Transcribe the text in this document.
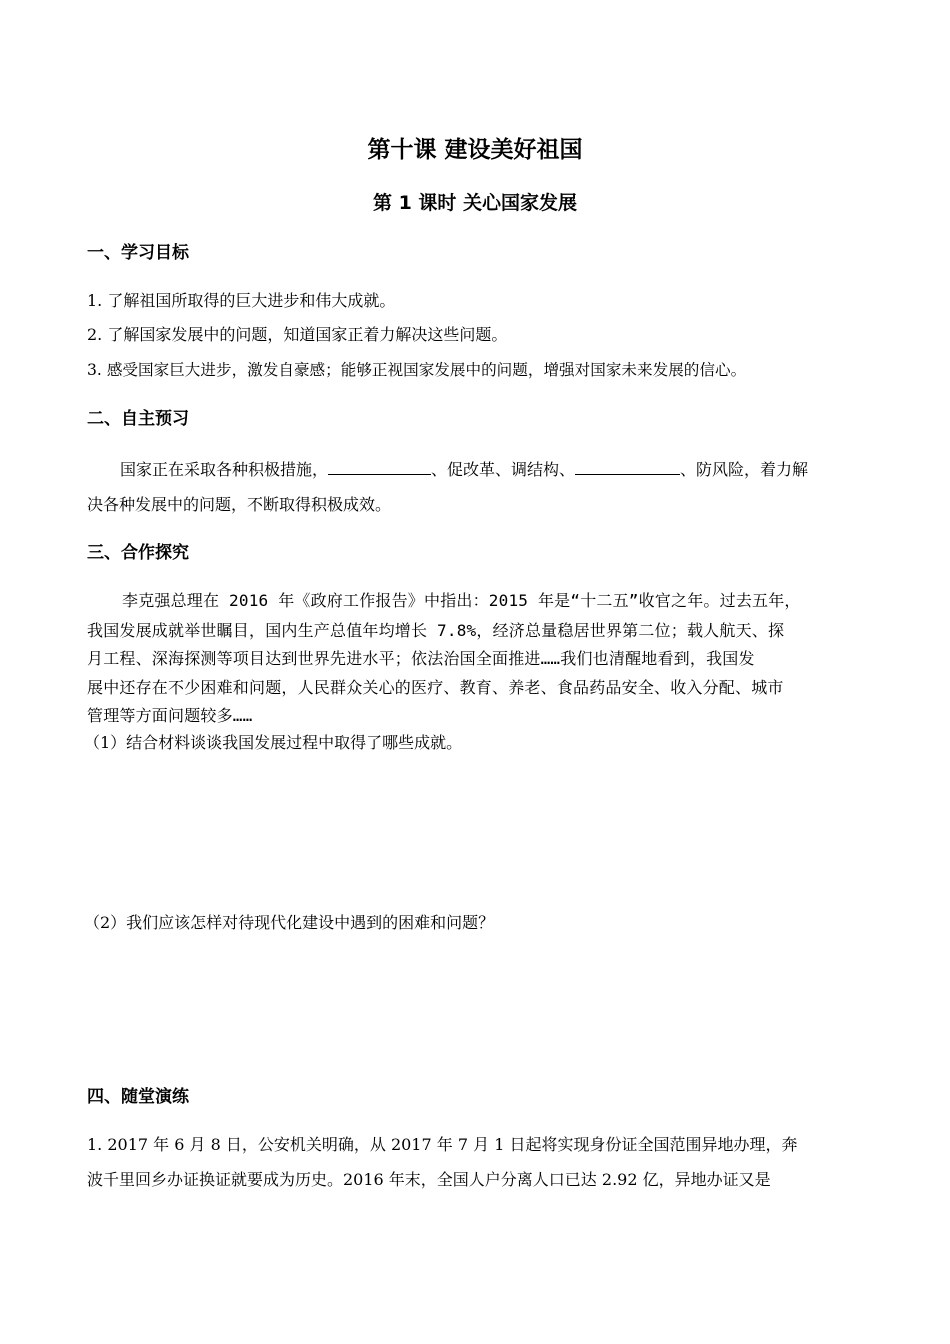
第十课 建设美好祖国
第 1 课时 关心国家发展
一、学习目标
1. 了解祖国所取得的巨大进步和伟大成就。
2. 了解国家发展中的问题，知道国家正着力解决这些问题。
3. 感受国家巨大进步，激发自豪感；能够正视国家发展中的问题，增强对国家未来发展的信心。
二、自主预习
国家正在采取各种积极措施，	、促改革、调结构、	、防风险，着力解
决各种发展中的问题，不断取得积极成效。
三、合作探究
李克强总理在 2016 年《政府工作报告》中指出：2015 年是“十二五”收官之年。过去五年，
我国发展成就举世瞩目，国内生产总值年均增长 7.8%，经济总量稳居世界第二位；载人航天、探
月工程、深海探测等项目达到世界先进水平；依法治国全面推进……我们也清醒地看到，我国发
展中还存在不少困难和问题，人民群众关心的医疗、教育、养老、食品药品安全、收入分配、城市
管理等方面问题较多……
（1）结合材料谈谈我国发展过程中取得了哪些成就。
（2）我们应该怎样对待现代化建设中遇到的困难和问题？
四、随堂演练
1. 2017 年 6 月 8 日，公安机关明确，从 2017 年 7 月 1 日起将实现身份证全国范围异地办理，奔
波千里回乡办证换证就要成为历史。2016 年末，全国人户分离人口已达 2.92 亿，异地办证又是
